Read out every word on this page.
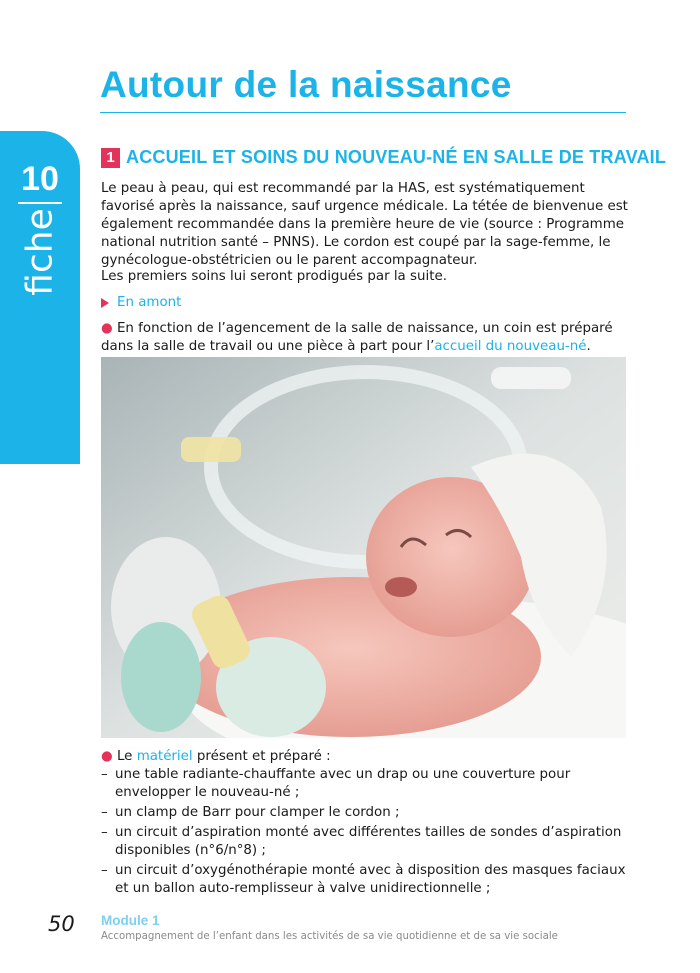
Autour de la naissance
10
fiche
1 ACCUEIL ET SOINS DU NOUVEAU-NÉ EN SALLE DE TRAVAIL

Le peau à peau, qui est recommandé par la HAS, est systématiquement favorisé après la naissance, sauf urgence médicale. La tétée de bienvenue est également recommandée dans la première heure de vie (source : Programme national nutrition santé – PNNS). Le cordon est coupé par la sage-femme, le gynécologue-obstétricien ou le parent accompagnateur.

Les premiers soins lui seront prodigués par la suite.

En amont

● En fonction de l’agencement de la salle de naissance, un coin est préparé dans la salle de travail ou une pièce à part pour l’accueil du nouveau-né.

● Le matériel présent et préparé :

– une table radiante-chauffante avec un drap ou une couverture pour envelopper le nouveau-né ;
– un clamp de Barr pour clamper le cordon ;
– un circuit d’aspiration monté avec différentes tailles de sondes d’aspiration disponibles (n°6/n°8) ;
– un circuit d’oxygénothérapie monté avec à disposition des masques faciaux et un ballon auto-remplisseur à valve unidirectionnelle ;
50 Module 1
Accompagnement de l’enfant dans les activités de sa vie quotidienne et de sa vie sociale
